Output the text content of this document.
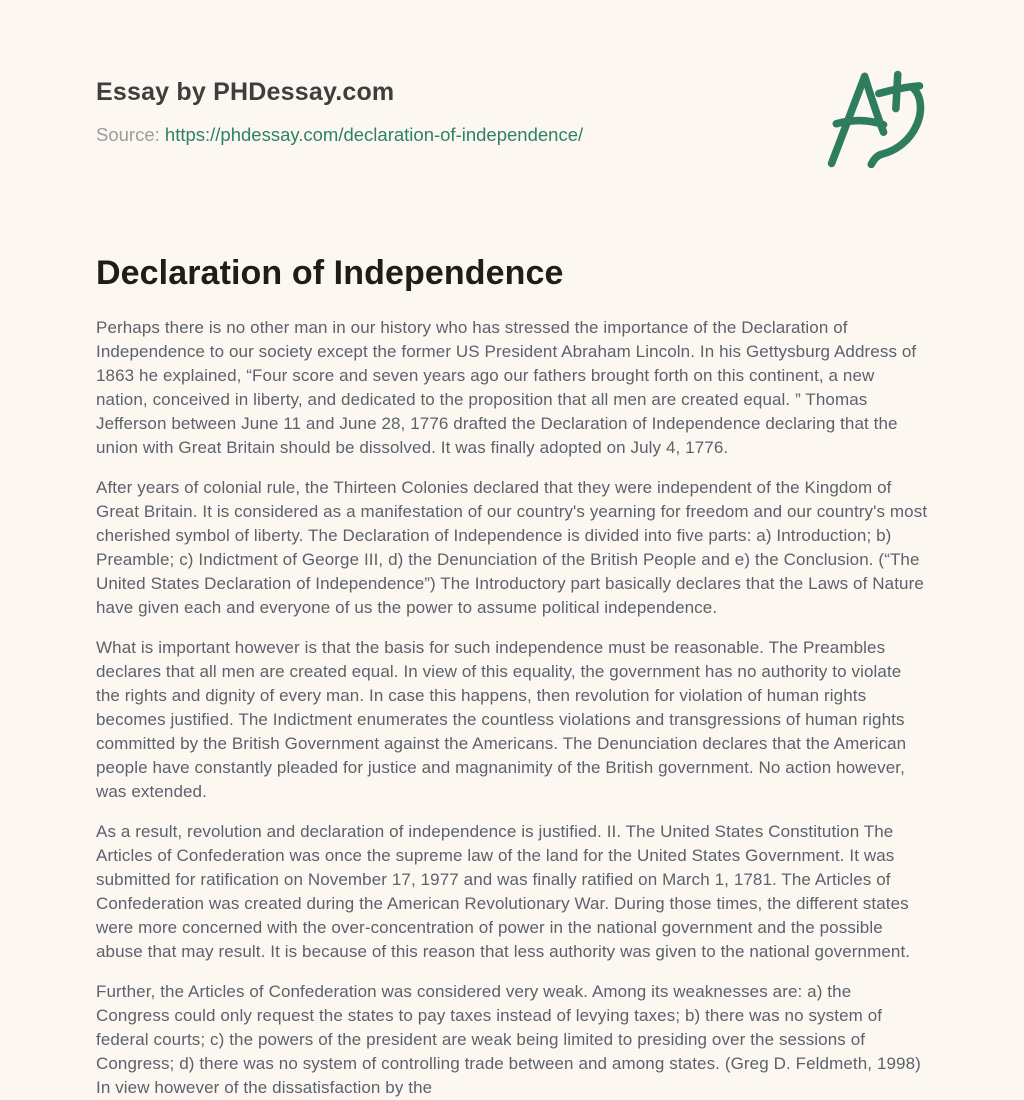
Essay by PHDessay.com

Source: https://phdessay.com/declaration-of-independence/

Declaration of Independence

Perhaps there is no other man in our history who has stressed the importance of the Declaration of Independence to our society except the former US President Abraham Lincoln. In his Gettysburg Address of 1863 he explained, “Four score and seven years ago our fathers brought forth on this continent, a new nation, conceived in liberty, and dedicated to the proposition that all men are created equal. ” Thomas Jefferson between June 11 and June 28, 1776 drafted the Declaration of Independence declaring that the union with Great Britain should be dissolved. It was finally adopted on July 4, 1776.

After years of colonial rule, the Thirteen Colonies declared that they were independent of the Kingdom of Great Britain. It is considered as a manifestation of our country's yearning for freedom and our country's most cherished symbol of liberty. The Declaration of Independence is divided into five parts: a) Introduction; b) Preamble; c) Indictment of George III, d) the Denunciation of the British People and e) the Conclusion. (“The United States Declaration of Independence”) The Introductory part basically declares that the Laws of Nature have given each and everyone of us the power to assume political independence.

What is important however is that the basis for such independence must be reasonable. The Preambles declares that all men are created equal. In view of this equality, the government has no authority to violate the rights and dignity of every man. In case this happens, then revolution for violation of human rights becomes justified. The Indictment enumerates the countless violations and transgressions of human rights committed by the British Government against the Americans. The Denunciation declares that the American people have constantly pleaded for justice and magnanimity of the British government. No action however, was extended.

As a result, revolution and declaration of independence is justified. II. The United States Constitution The Articles of Confederation was once the supreme law of the land for the United States Government. It was submitted for ratification on November 17, 1977 and was finally ratified on March 1, 1781. The Articles of Confederation was created during the American Revolutionary War. During those times, the different states were more concerned with the over-concentration of power in the national government and the possible abuse that may result. It is because of this reason that less authority was given to the national government.

Further, the Articles of Confederation was considered very weak. Among its weaknesses are: a) the Congress could only request the states to pay taxes instead of levying taxes; b) there was no system of federal courts; c) the powers of the president are weak being limited to presiding over the sessions of Congress; d) there was no system of controlling trade between and among states. (Greg D. Feldmeth, 1998) In view however of the dissatisfaction by the
